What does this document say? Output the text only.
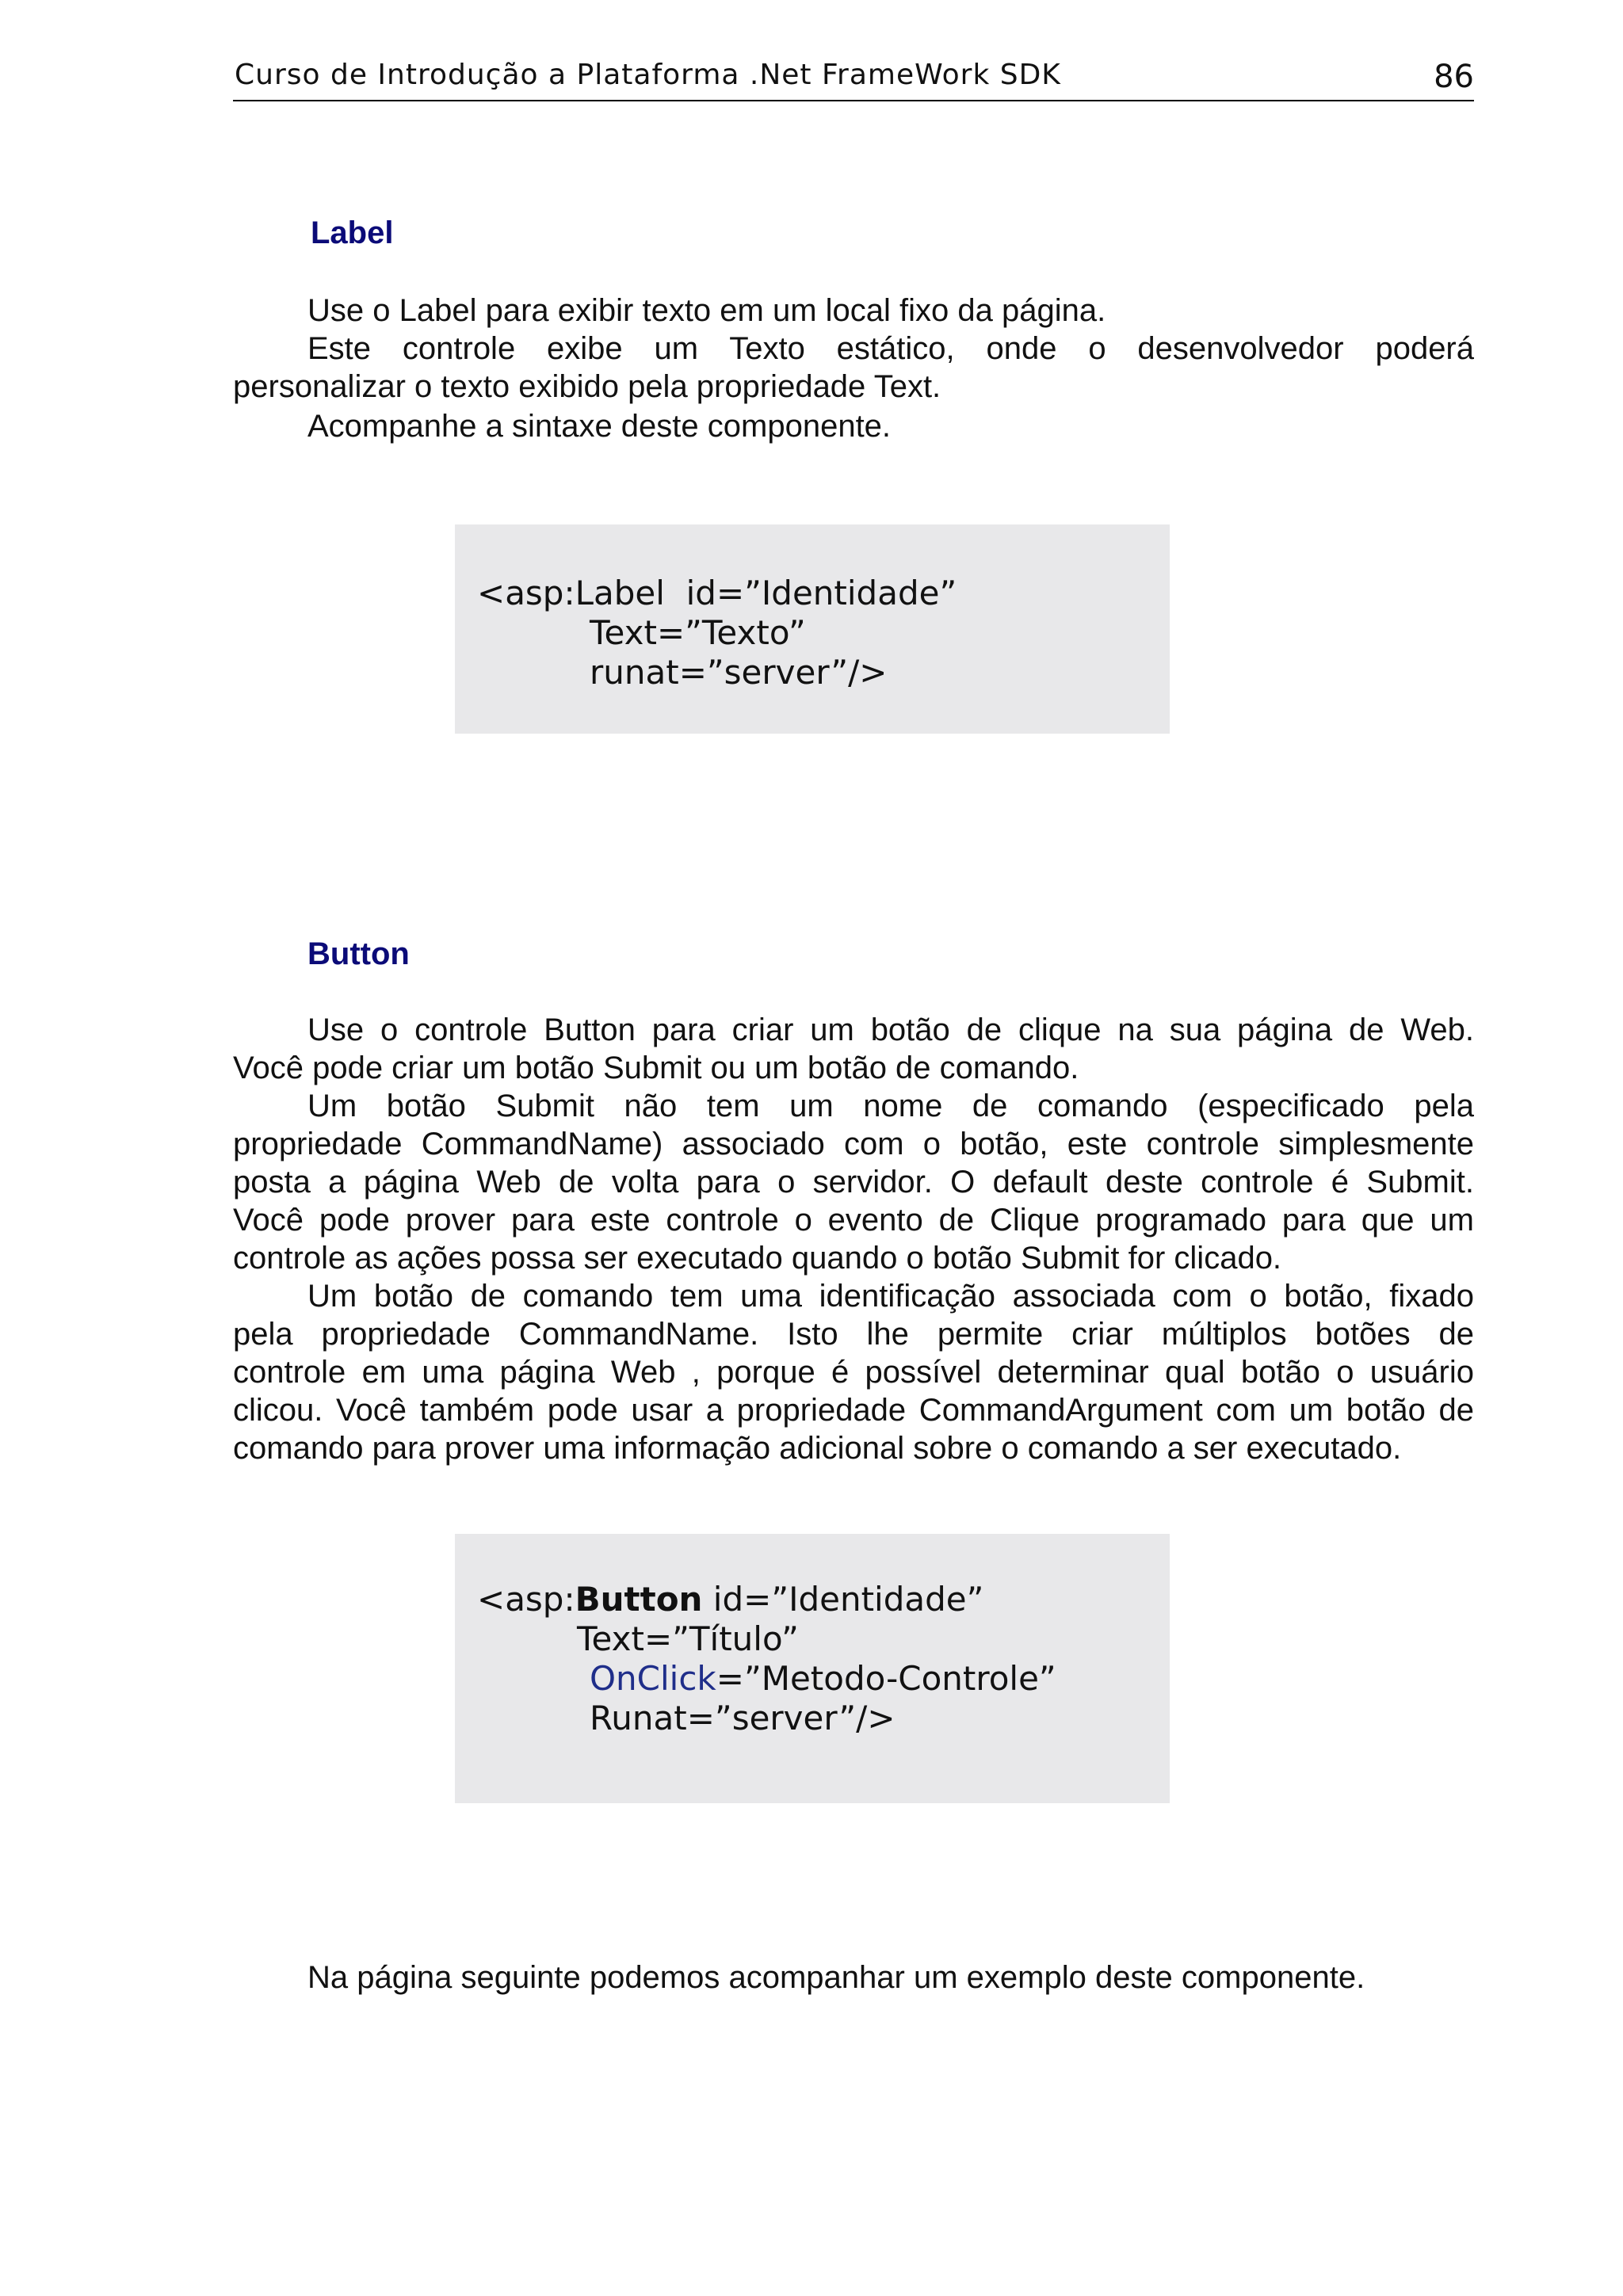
Curso de Introdução a Plataforma .Net FrameWork SDK	86
Label
Use o Label para exibir texto em um local fixo da página.
Este controle exibe um Texto estático, onde o desenvolvedor poderá
personalizar o texto exibido pela propriedade Text.
Acompanhe a sintaxe deste componente.
<asp:Label  id=”Identidade”
Text=”Texto”
runat=”server”/>
Button
Use o controle Button para criar um botão de clique na sua página de Web.
Você pode criar um botão Submit ou um botão de comando.
Um botão Submit não tem um nome de comando (especificado pela
propriedade CommandName) associado com o botão, este controle simplesmente
posta a página Web de volta para o servidor. O default deste controle é Submit.
Você pode prover para este controle o evento de Clique programado para que um
controle as ações possa ser executado quando o botão Submit for clicado.
Um botão de comando tem uma identificação associada com o botão, fixado
pela propriedade CommandName. Isto lhe permite criar múltiplos botões de
controle em uma página Web , porque é possível determinar qual botão o usuário
clicou. Você também pode usar a propriedade CommandArgument com um botão de
comando para prover uma informação adicional sobre o comando a ser executado.
<asp:Button id=”Identidade”
Text=”Título”
OnClick=”Metodo-Controle”
Runat=”server”/>
Na página seguinte podemos acompanhar um exemplo deste componente.
